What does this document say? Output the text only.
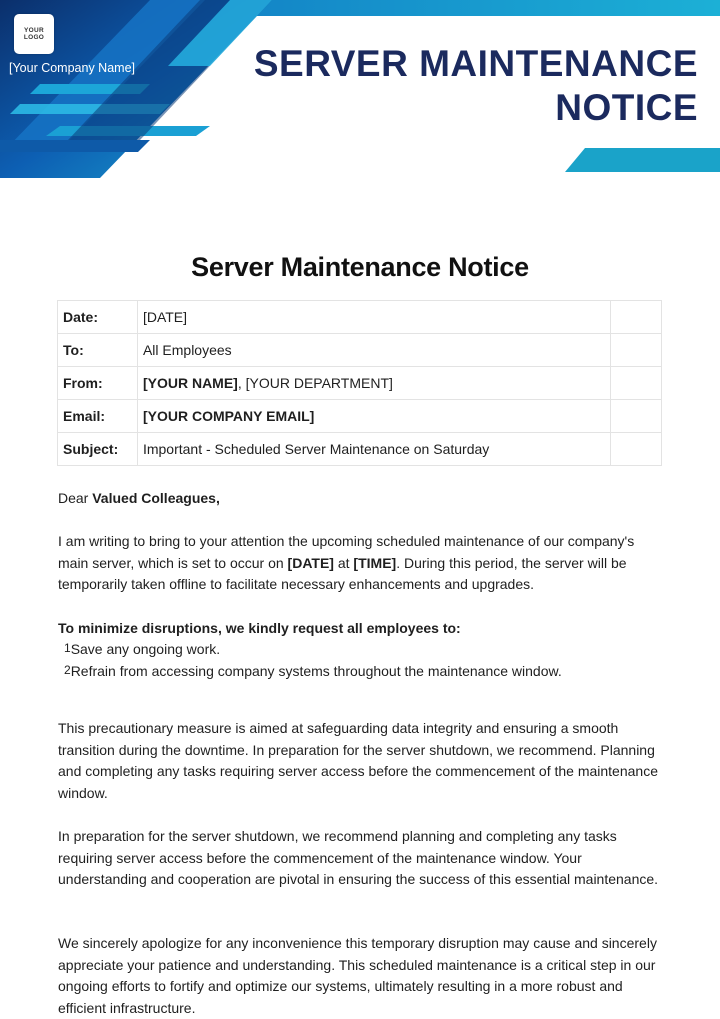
YOUR
LOGO
[Your Company Name]	SERVER MAINTENANCE
NOTICE
Server Maintenance Notice
Date:	[DATE]	
To:	All Employees	
From:	[YOUR NAME], [YOUR DEPARTMENT]	
Email:	[YOUR COMPANY EMAIL]	
Subject:	Important - Scheduled Server Maintenance on Saturday	
Dear Valued Colleagues,
I am writing to bring to your attention the upcoming scheduled maintenance of our company's main server, which is set to occur on [DATE] at [TIME]. During this period, the server will be temporarily taken offline to facilitate necessary enhancements and upgrades.
To minimize disruptions, we kindly request all employees to:
1Save any ongoing work.
2Refrain from accessing company systems throughout the maintenance window.
This precautionary measure is aimed at safeguarding data integrity and ensuring a smooth transition during the downtime. In preparation for the server shutdown, we recommend. Planning and completing any tasks requiring server access before the commencement of the maintenance window.
In preparation for the server shutdown, we recommend planning and completing any tasks requiring server access before the commencement of the maintenance window. Your understanding and cooperation are pivotal in ensuring the success of this essential maintenance.
We sincerely apologize for any inconvenience this temporary disruption may cause and sincerely appreciate your patience and understanding. This scheduled maintenance is a critical step in our ongoing efforts to fortify and optimize our systems, ultimately resulting in a more robust and efficient infrastructure.
